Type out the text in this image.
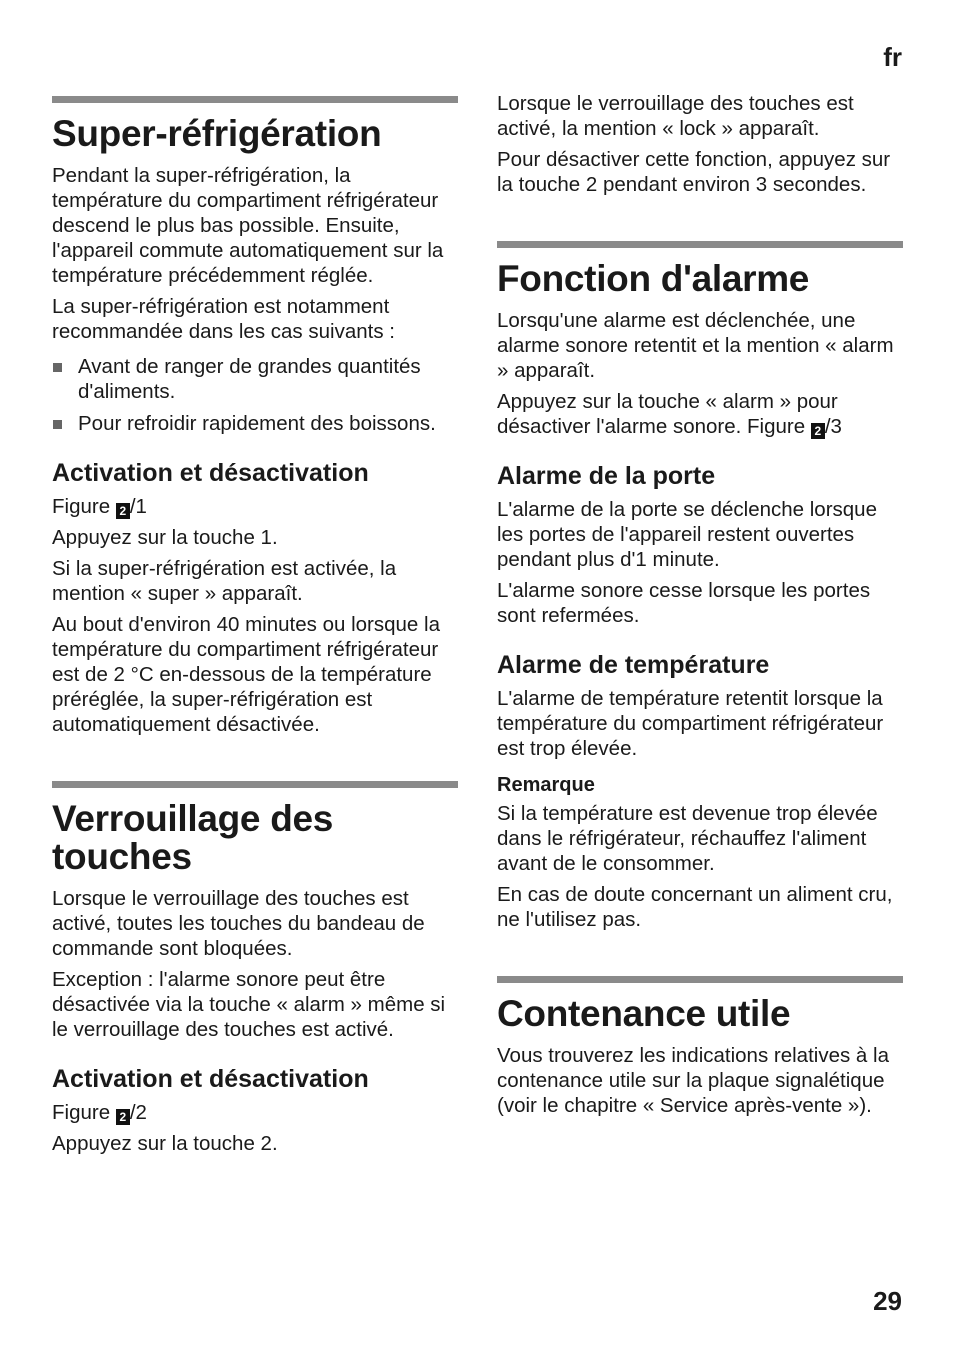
fr
Super-réfrigération

Pendant la super-réfrigération, la température du compartiment réfrigérateur descend le plus bas possible. Ensuite, l'appareil commute automatiquement sur la température précédemment réglée.

La super-réfrigération est notamment recommandée dans les cas suivants :

Avant de ranger de grandes quantités d'aliments.
Pour refroidir rapidement des boissons.
Activation et désactivation

Figure 2 /1

Appuyez sur la touche 1.

Si la super-réfrigération est activée, la mention « super » apparaît.

Au bout d'environ 40 minutes ou lorsque la température du compartiment réfrigérateur est de 2 °C en-dessous de la température préréglée, la super-réfrigération est automatiquement désactivée.

Verrouillage des touches

Lorsque le verrouillage des touches est activé, toutes les touches du bandeau de commande sont bloquées.

Exception : l'alarme sonore peut être désactivée via la touche « alarm » même si le verrouillage des touches est activé.

Activation et désactivation

Figure 2 /2

Appuyez sur la touche 2.

Lorsque le verrouillage des touches est activé, la mention « lock » apparaît.

Pour désactiver cette fonction, appuyez sur la touche 2 pendant environ 3 secondes.

Fonction d'alarme

Lorsqu'une alarme est déclenchée, une alarme sonore retentit et la mention « alarm » apparaît.

Appuyez sur la touche « alarm » pour désactiver l'alarme sonore. Figure 2 /3

Alarme de la porte

L'alarme de la porte se déclenche lorsque les portes de l'appareil restent ouvertes pendant plus d'1 minute.

L'alarme sonore cesse lorsque les portes sont refermées.

Alarme de température

L'alarme de température retentit lorsque la température du compartiment réfrigérateur est trop élevée.

Remarque

Si la température est devenue trop élevée dans le réfrigérateur, réchauffez l'aliment avant de le consommer.

En cas de doute concernant un aliment cru, ne l'utilisez pas.

Contenance utile

Vous trouverez les indications relatives à la contenance utile sur la plaque signalétique (voir le chapitre « Service après-vente »).

29
